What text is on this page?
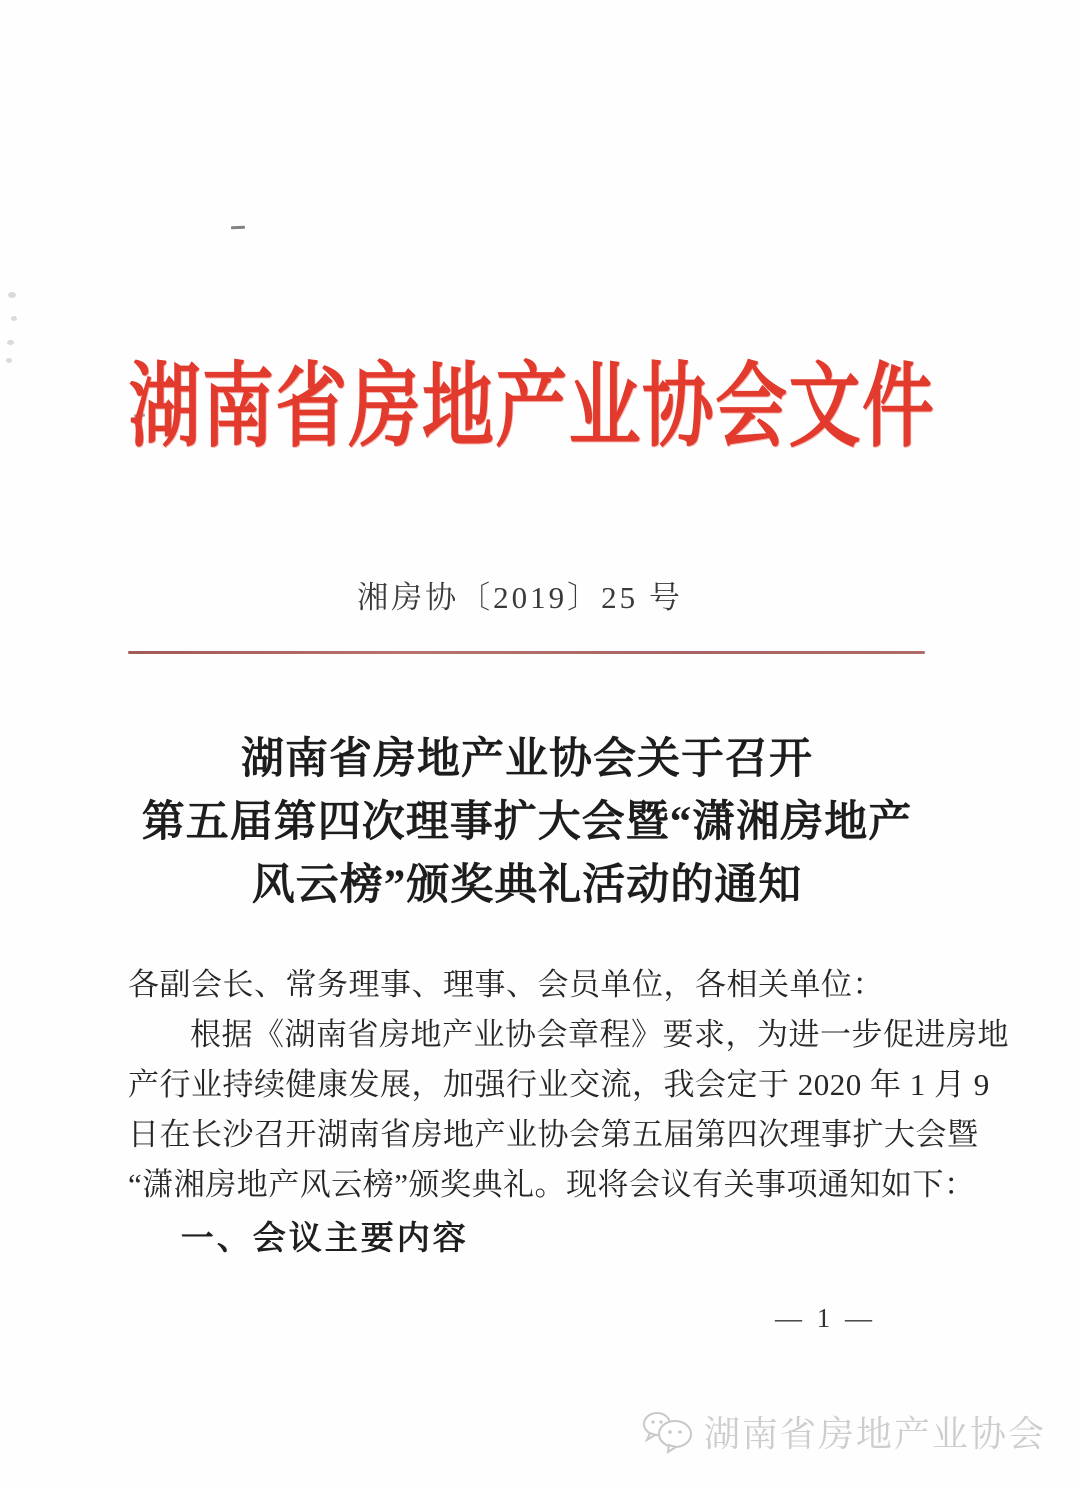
湖南省房地产业协会文件
湘房协〔2019〕25 号
湖南省房地产业协会关于召开
第五届第四次理事扩大会暨“潇湘房地产
风云榜”颁奖典礼活动的通知
各副会长、常务理事、理事、会员单位，各相关单位：
根据《湖南省房地产业协会章程》要求，为进一步促进房地
产行业持续健康发展，加强行业交流，我会定于 2020 年 1 月 9
日在长沙召开湖南省房地产业协会第五届第四次理事扩大会暨
“潇湘房地产风云榜”颁奖典礼。现将会议有关事项通知如下：
一、会议主要内容
— 1 —
湖南省房地产业协会
